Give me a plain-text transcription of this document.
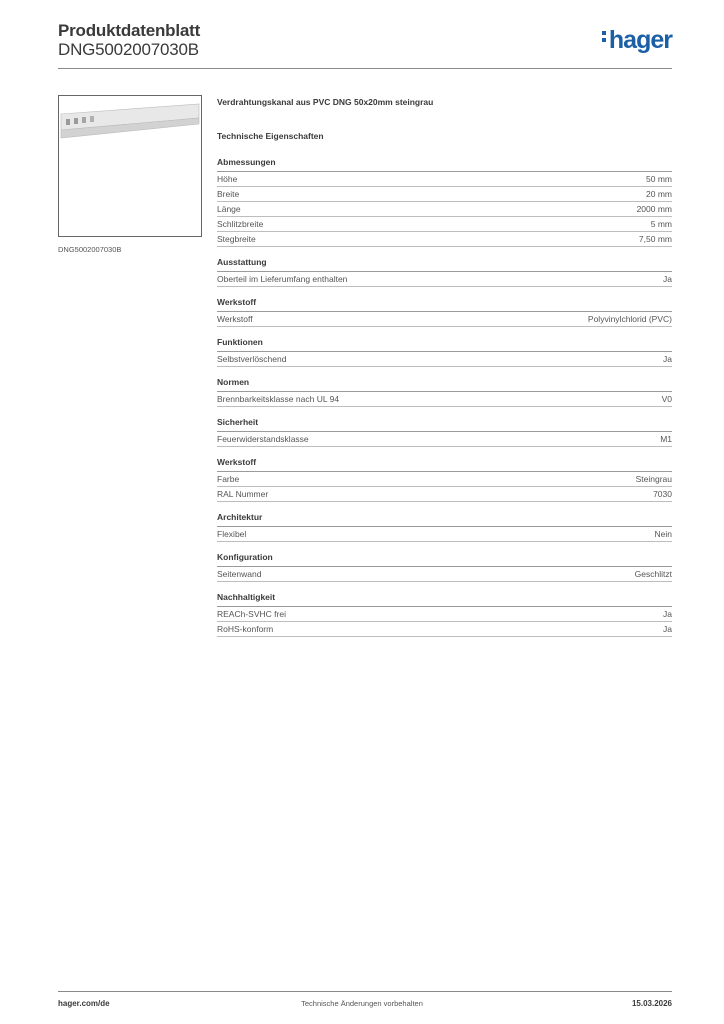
Produktdatenblatt
DNG5002007030B	hager
DNG5002007030B
Verdrahtungskanal aus PVC DNG 50x20mm steingrau
Technische Eigenschaften
Abmessungen
Höhe	50 mm
Breite	20 mm
Länge	2000 mm
Schlitzbreite	5 mm
Stegbreite	7,50 mm
Ausstattung
Oberteil im Lieferumfang enthalten	Ja
Werkstoff
Werkstoff	Polyvinylchlorid (PVC)
Funktionen
Selbstverlöschend	Ja
Normen
Brennbarkeitsklasse nach UL 94	V0
Sicherheit
Feuerwiderstandsklasse	M1
Werkstoff
Farbe	Steingrau
RAL Nummer	7030
Architektur
Flexibel	Nein
Konfiguration
Seitenwand	Geschlitzt
Nachhaltigkeit
REACh-SVHC frei	Ja
RoHS-konform	Ja
hager.com/de	Technische Änderungen vorbehalten	15.03.2026
